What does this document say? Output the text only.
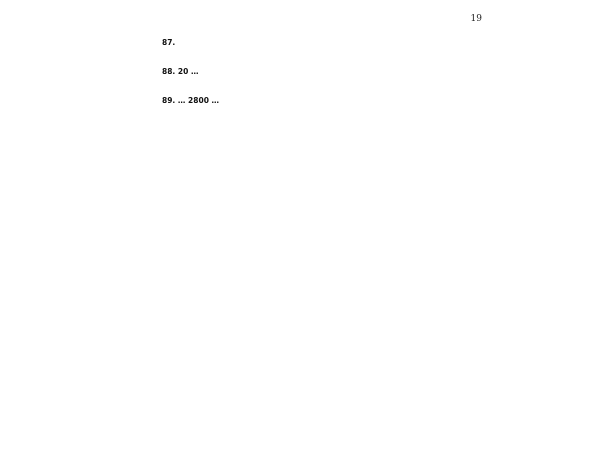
19

87.

88. 20 …

89. … 2800 …
